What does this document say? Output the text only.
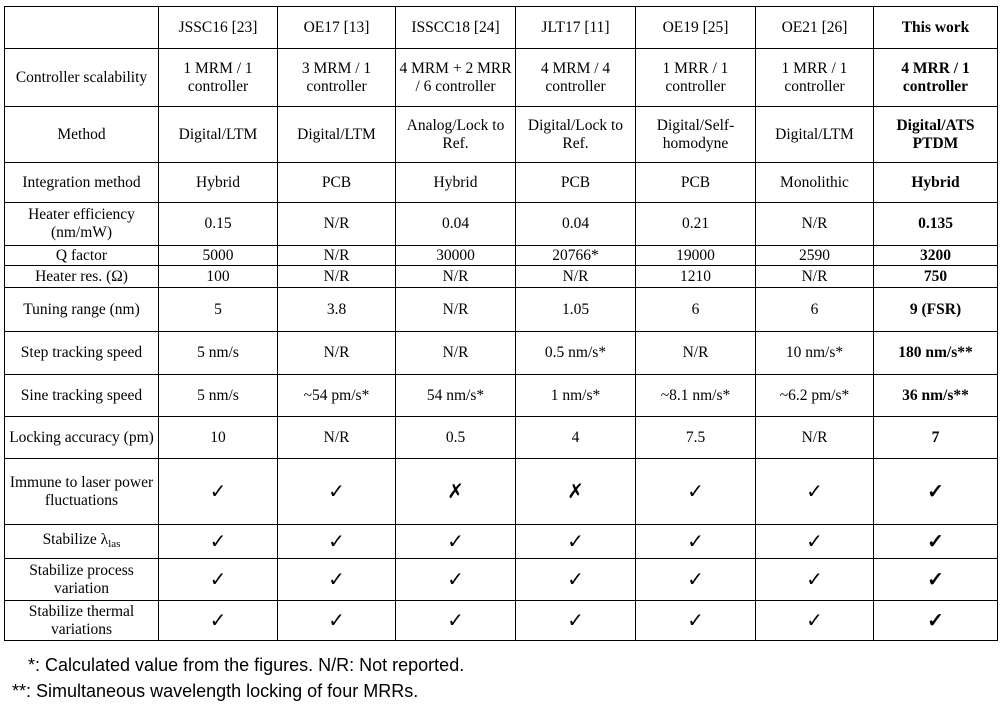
	JSSC16 [23]	OE17 [13]	ISSCC18 [24]	JLT17 [11]	OE19 [25]	OE21 [26]	This work
Controller scalability	1 MRM / 1 controller	3 MRM / 1 controller	4 MRM + 2 MRR / 6 controller	4 MRM / 4 controller	1 MRR / 1 controller	1 MRR / 1 controller	4 MRR / 1 controller
Method	Digital/LTM	Digital/LTM	Analog/Lock to Ref.	Digital/Lock to Ref.	Digital/Self-homodyne	Digital/LTM	Digital/ATS PTDM
Integration method	Hybrid	PCB	Hybrid	PCB	PCB	Monolithic	Hybrid
Heater efficiency (nm/mW)	0.15	N/R	0.04	0.04	0.21	N/R	0.135
Q factor	5000	N/R	30000	20766*	19000	2590	3200
Heater res. (Ω)	100	N/R	N/R	N/R	1210	N/R	750
Tuning range (nm)	5	3.8	N/R	1.05	6	6	9 (FSR)
Step tracking speed	5 nm/s	N/R	N/R	0.5 nm/s*	N/R	10 nm/s*	180 nm/s**
Sine tracking speed	5 nm/s	~54 pm/s*	54 nm/s*	1 nm/s*	~8.1 nm/s*	~6.2 pm/s*	36 nm/s**
Locking accuracy (pm)	10	N/R	0.5	4	7.5	N/R	7
Immune to laser power fluctuations	✓	✓	✗	✗	✓	✓	✓
Stabilize $\lambda_{las}$	✓	✓	✓	✓	✓	✓	✓
Stabilize process variation	✓	✓	✓	✓	✓	✓	✓
Stabilize thermal variations	✓	✓	✓	✓	✓	✓	✓
*: Calculated value from the figures. N/R: Not reported.
**: Simultaneous wavelength locking of four MRRs.
